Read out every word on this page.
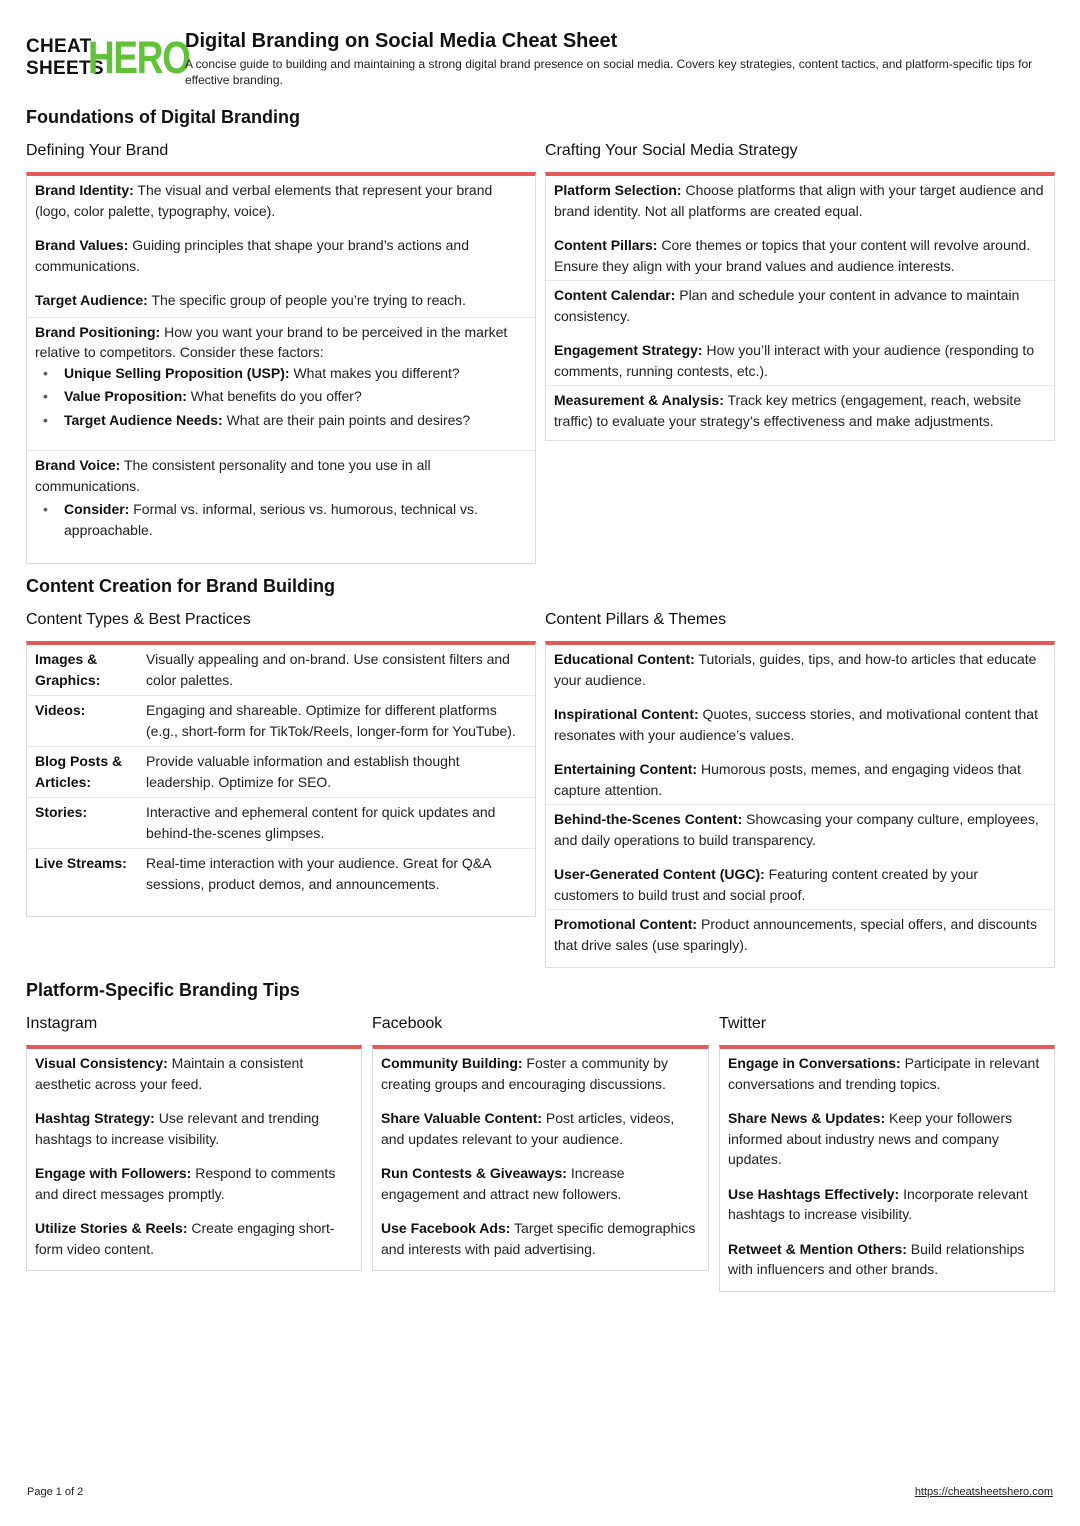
CHEAT
SHEETS
HERO
Digital Branding on Social Media Cheat Sheet
A concise guide to building and maintaining a strong digital brand presence on social media. Covers key strategies, content tactics, and platform-specific tips for effective branding.
Foundations of Digital Branding
Defining Your Brand
Brand Identity: The visual and verbal elements that represent your brand (logo, color palette, typography, voice).
Brand Values: Guiding principles that shape your brand’s actions and communications.
Target Audience: The specific group of people you’re trying to reach.
Brand Positioning: How you want your brand to be perceived in the market relative to competitors. Consider these factors:
• Unique Selling Proposition (USP): What makes you different?
• Value Proposition: What benefits do you offer?
• Target Audience Needs: What are their pain points and desires?
Brand Voice: The consistent personality and tone you use in all communications.
• Consider: Formal vs. informal, serious vs. humorous, technical vs. approachable.
Crafting Your Social Media Strategy
Platform Selection: Choose platforms that align with your target audience and brand identity. Not all platforms are created equal.
Content Pillars: Core themes or topics that your content will revolve around. Ensure they align with your brand values and audience interests.
Content Calendar: Plan and schedule your content in advance to maintain consistency.
Engagement Strategy: How you’ll interact with your audience (responding to comments, running contests, etc.).
Measurement & Analysis: Track key metrics (engagement, reach, website traffic) to evaluate your strategy’s effectiveness and make adjustments.
Content Creation for Brand Building
Content Types & Best Practices
Images & Graphics:
Visually appealing and on-brand. Use consistent filters and color palettes.
Videos:	Engaging and shareable. Optimize for different platforms (e.g., short-form for TikTok/Reels, longer-form for YouTube).
Blog Posts & Articles:
Provide valuable information and establish thought leadership. Optimize for SEO.
Stories:	Interactive and ephemeral content for quick updates and behind-the-scenes glimpses.
Live Streams:	Real-time interaction with your audience. Great for Q&A sessions, product demos, and announcements.
Content Pillars & Themes
Educational Content: Tutorials, guides, tips, and how-to articles that educate your audience.
Inspirational Content: Quotes, success stories, and motivational content that resonates with your audience’s values.
Entertaining Content: Humorous posts, memes, and engaging videos that capture attention.
Behind-the-Scenes Content: Showcasing your company culture, employees, and daily operations to build transparency.
User-Generated Content (UGC): Featuring content created by your customers to build trust and social proof.
Promotional Content: Product announcements, special offers, and discounts that drive sales (use sparingly).
Platform-Specific Branding Tips
Instagram
Visual Consistency: Maintain a consistent aesthetic across your feed.
Hashtag Strategy: Use relevant and trending hashtags to increase visibility.
Engage with Followers: Respond to comments and direct messages promptly.
Utilize Stories & Reels: Create engaging short-form video content.
Facebook
Community Building: Foster a community by creating groups and encouraging discussions.
Share Valuable Content: Post articles, videos, and updates relevant to your audience.
Run Contests & Giveaways: Increase engagement and attract new followers.
Use Facebook Ads: Target specific demographics and interests with paid advertising.
Twitter
Engage in Conversations: Participate in relevant conversations and trending topics.
Share News & Updates: Keep your followers informed about industry news and company updates.
Use Hashtags Effectively: Incorporate relevant hashtags to increase visibility.
Retweet & Mention Others: Build relationships with influencers and other brands.
Page 1 of 2	https://cheatsheetshero.com
